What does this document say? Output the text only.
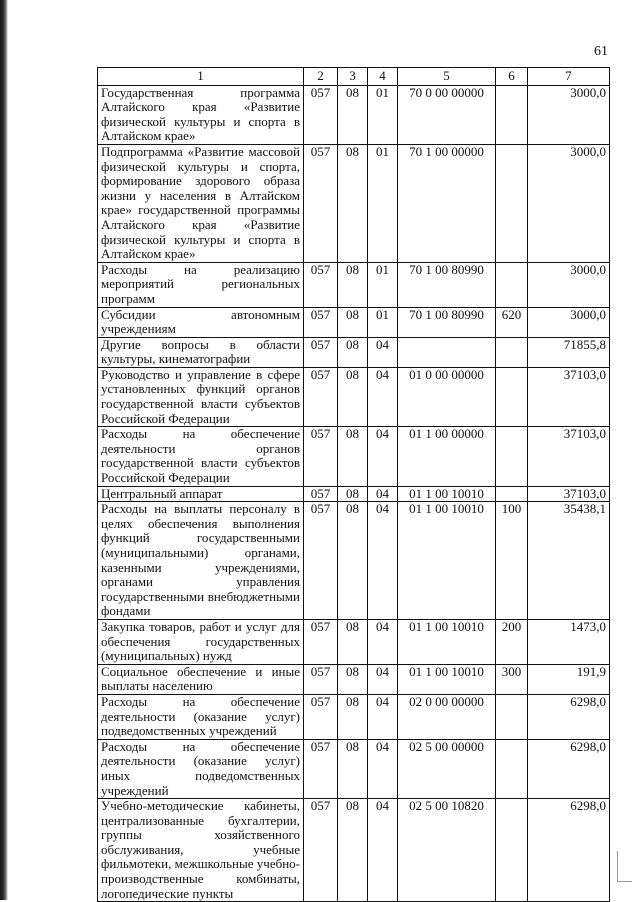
61
1	2	3	4	5	6	7
Государственная программа Алтайского края «Развитие физической культуры и спорта в Алтайском крае»	057	08	01	70 0 00 00000		3000,0
Подпрограмма «Развитие массовой физической культуры и спорта, формирование здорового образа жизни у населения в Алтайском крае» государственной программы Алтайского края «Развитие физической культуры и спорта в Алтайском крае»	057	08	01	70 1 00 00000		3000,0
Расходы на реализацию мероприятий региональных программ	057	08	01	70 1 00 80990		3000,0
Субсидии автономным учреждениям	057	08	01	70 1 00 80990	620	3000,0
Другие вопросы в области культуры, кинематографии	057	08	04			71855,8
Руководство и управление в сфере установленных функций органов государственной власти субъектов Российской Федерации	057	08	04	01 0 00 00000		37103,0
Расходы на обеспечение деятельности органов государственной власти субъектов Российской Федерации	057	08	04	01 1 00 00000		37103,0
Центральный аппарат	057	08	04	01 1 00 10010		37103,0
Расходы на выплаты персоналу в целях обеспечения выполнения функций государственными (муниципальными) органами, казенными учреждениями, органами управления государственными внебюджетными фондами	057	08	04	01 1 00 10010	100	35438,1
Закупка товаров, работ и услуг для обеспечения государственных (муниципальных) нужд	057	08	04	01 1 00 10010	200	1473,0
Социальное обеспечение и иные выплаты населению	057	08	04	01 1 00 10010	300	191,9
Расходы на обеспечение деятельности (оказание услуг) подведомственных учреждений	057	08	04	02 0 00 00000		6298,0
Расходы на обеспечение деятельности (оказание услуг) иных подведомственных учреждений	057	08	04	02 5 00 00000		6298,0
Учебно-методические кабинеты, централизованные бухгалтерии, группы хозяйственного обслуживания, учебные фильмотеки, межшкольные учебно-производственные комбинаты, логопедические пункты	057	08	04	02 5 00 10820		6298,0
